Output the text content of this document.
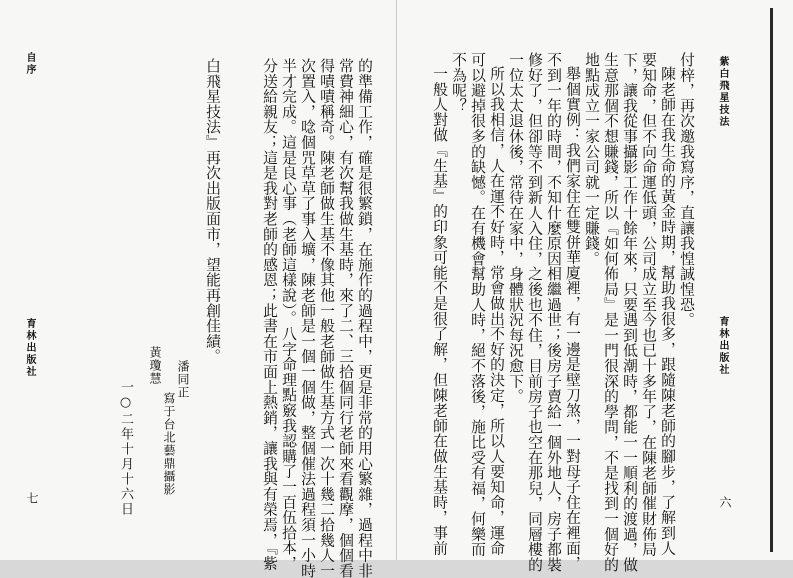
自序
育林出版社
七	的準備工作，確是很繁鎖，在施作的過程中，更是非常的用心繁雜，過程中非
常費神細心，有次幫我做生基時，來了二、三拾個同行老師來看觀摩，個個看
得嘖嘖稱奇。陳老師做生基不像其他一般老師做生基方式一次十幾二拾幾人一
次置入，唸個咒草草了事入壙，陳老師是一個一個做，整個催法過程須一小時
半才完成。這是良心事（老師這樣說）。八字命理點竅我認購了一百伍拾本，
分送給親友；這是我對老師的感恩；此書在市面上熱銷，讓我與有榮焉，『紫
白飛星技法』再次出版面市，望能再創佳績。
潘同正
黃瓊慧
寫于台北藝鼎攝影
一○二年十月十六日
紫白飛星技法
育林出版社
六
付梓，再次邀我寫序，直讓我惶誠惶恐。
陳老師在我生命的黃金時期，幫助我很多，跟隨陳老師的腳步，了解到人
要知命，但不向命運低頭，公司成立至今也已十多年了，在陳老師催財佈局
下，讓我從事攝影工作十餘年來，只要遇到低潮時，都能一一順利的渡過，做
生意那個不想賺錢，所以『如何佈局』是一門很深的學問，不是找到一個好的
地點成立一家公司就一定賺錢。
舉個實例：我們家住在雙併華廈裡，有一邊是壁刀煞，一對母子住在裡面，
不到一年的時間，不知什麼原因相繼過世；後房子賣給一個外地人，房子都裝
修好了，但卻等不到新人入住，之後也不住，目前房子也空在那兒，同層樓的
一位太太退休後，常待在家中，身體狀況每況愈下。
所以我相信，人在運不好時，常會做出不好的決定，所以人要知命，運命
可以避掉很多的缺憾。在有機會幫助人時，絕不落後，施比受有福，何樂而
不為呢？
一般人對做『生基』的印象可能不是很了解，但陳老師在做生基時，事前
